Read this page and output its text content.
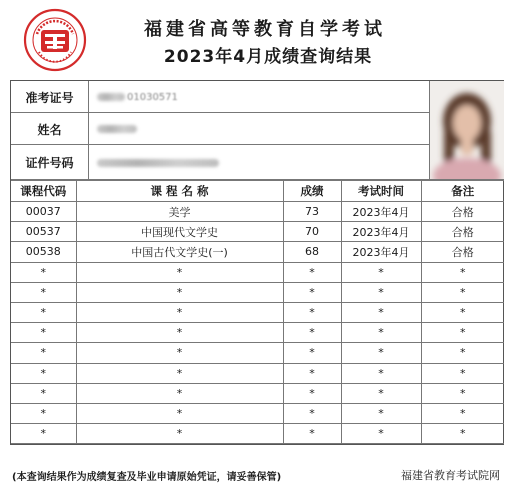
福建省高等教育自学考试
2023年4月成绩查询结果
准考证号	01030571
姓名
证件号码
课程代码	课 程 名 称	成绩	考试时间	备注
00037	美学	73	2023年4月	合格
00537	中国现代文学史	70	2023年4月	合格
00538	中国古代文学史(一)	68	2023年4月	合格
*	*	*	*	*
*	*	*	*	*
*	*	*	*	*
*	*	*	*	*
*	*	*	*	*
*	*	*	*	*
*	*	*	*	*
*	*	*	*	*
*	*	*	*	*
(本查询结果作为成绩复查及毕业申请原始凭证，请妥善保管)	福建省教育考试院网
